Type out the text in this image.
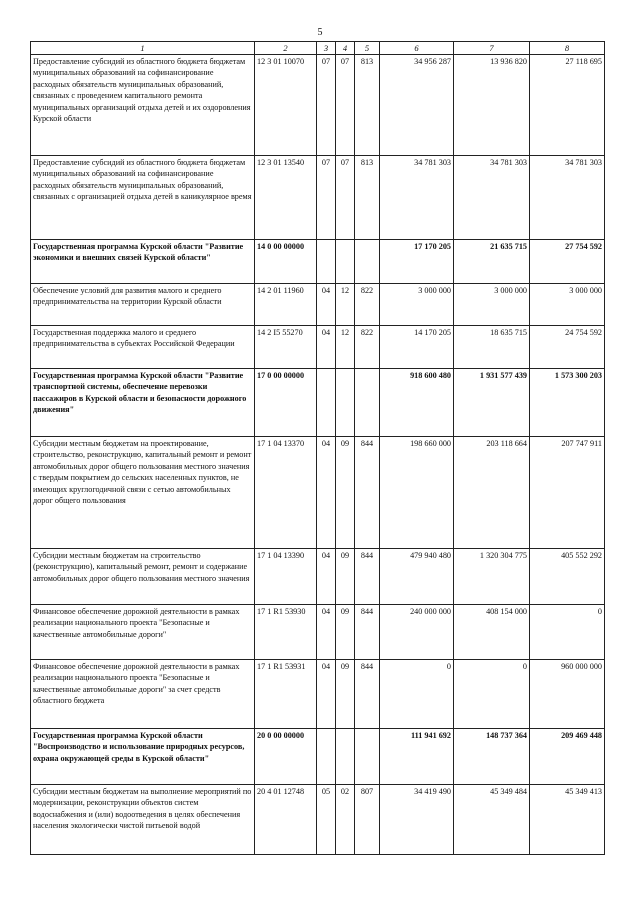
5
1	2	3	4	5	6	7	8
Предоставление субсидий из областного бюджета бюджетам муниципальных образований на софинансирование расходных обязательств муниципальных образований, связанных с проведением капитального ремонта муниципальных организаций отдыха детей и их оздоровления Курской области	12 3 01 10070	07	07	813	34 956 287	13 936 820	27 118 695
Предоставление субсидий из областного бюджета бюджетам муниципальных образований на софинансирование расходных обязательств муниципальных образований, связанных с организацией отдыха детей в каникулярное время	12 3 01 13540	07	07	813	34 781 303	34 781 303	34 781 303
Государственная программа Курской области "Развитие экономики и внешних связей Курской области"	14 0 00 00000				17 170 205	21 635 715	27 754 592
Обеспечение условий для развития малого и среднего предпринимательства на территории Курской области	14 2 01 11960	04	12	822	3 000 000	3 000 000	3 000 000
Государственная поддержка малого и среднего предпринимательства в субъектах Российской Федерации	14 2 I5 55270	04	12	822	14 170 205	18 635 715	24 754 592
Государственная программа Курской области "Развитие транспортной системы, обеспечение перевозки пассажиров в Курской области и безопасности дорожного движения"	17 0 00 00000				918 600 480	1 931 577 439	1 573 300 203
Субсидии местным бюджетам на проектирование, строительство, реконструкцию, капитальный ремонт и ремонт автомобильных дорог общего пользования местного значения с твердым покрытием до сельских населенных пунктов, не имеющих круглогодичной связи с сетью автомобильных дорог общего пользования	17 1 04 13370	04	09	844	198 660 000	203 118 664	207 747 911
Субсидии местным бюджетам на строительство (реконструкцию), капитальный ремонт, ремонт и содержание автомобильных дорог общего пользования местного значения	17 1 04 13390	04	09	844	479 940 480	1 320 304 775	405 552 292
Финансовое обеспечение дорожной деятельности в рамках реализации национального проекта "Безопасные и качественные автомобильные дороги"	17 1 R1 53930	04	09	844	240 000 000	408 154 000	0
Финансовое обеспечение дорожной деятельности в рамках реализации национального проекта "Безопасные и качественные автомобильные дороги" за счет средств областного бюджета	17 1 R1 53931	04	09	844	0	0	960 000 000
Государственная программа Курской области "Воспроизводство и использование природных ресурсов, охрана окружающей среды в Курской области"	20 0 00 00000				111 941 692	148 737 364	209 469 448
Субсидии местным бюджетам на выполнение мероприятий по модернизации, реконструкции объектов систем водоснабжения и (или) водоотведения в целях обеспечения населения экологически чистой питьевой водой	20 4 01 12748	05	02	807	34 419 490	45 349 484	45 349 413
